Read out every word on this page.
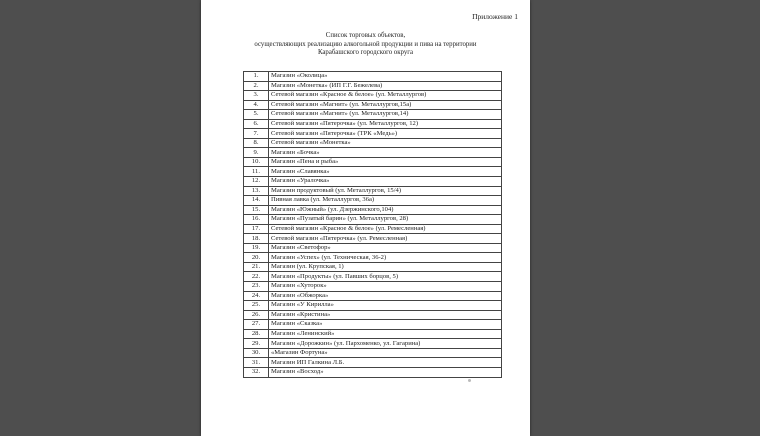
Приложение 1
Список торговых объектов,
осуществляющих реализацию алкогольной продукции и пива на территории
Карабашского городского округа
1.	Магазин «Околица»
2.	Магазин «Монетка» (ИП Г.Г. Бежелева)
3.	Сетевой магазин «Красное & белое» (ул. Металлургов)
4.	Сетевой магазин «Магнит» (ул. Металлургов,15а)
5.	Сетевой магазин «Магнит» (ул. Металлургов,14)
6.	Сетевой магазин «Пятерочка» (ул. Металлургов, 12)
7.	Сетевой магазин «Пятерочка» (ТРК «Медь»)
8.	Сетевой магазин «Монетка»
9.	Магазин «Бочка»
10.	Магазин «Пена и рыба»
11.	Магазин «Славянка»
12.	Магазин «Уралочка»
13.	Магазин продуктовый (ул. Металлургов, 15/4)
14.	Пивная лавка (ул. Металлургов, 36а)
15.	Магазин «Южный» (ул. Дзержинского,104)
16.	Магазин «Пузатый барин» (ул. Металлургов, 28)
17.	Сетевой магазин «Красное & белое» (ул. Ремесленная)
18.	Сетевой магазин «Пятерочка» (ул. Ремесленная)
19.	Магазин «Светофор»
20.	Магазин «Успех» (ул. Техническая, 36-2)
21.	Магазин (ул. Крупская, 1)
22.	Магазин «Продукты» (ул. Павших борцов, 5)
23.	Магазин «Хуторок»
24.	Магазин «Обжорка»
25.	Магазин «У Кирилла»
26.	Магазин «Кристина»
27.	Магазин «Сказка»
28.	Магазин «Ленинский»
29.	Магазин «Дорожкин» (ул. Пархоменко, ул. Гагарина)
30.	«Магазин Фортуна»
31.	Магазин ИП Галкина Л.Б.
32.	Магазин «Восход»
